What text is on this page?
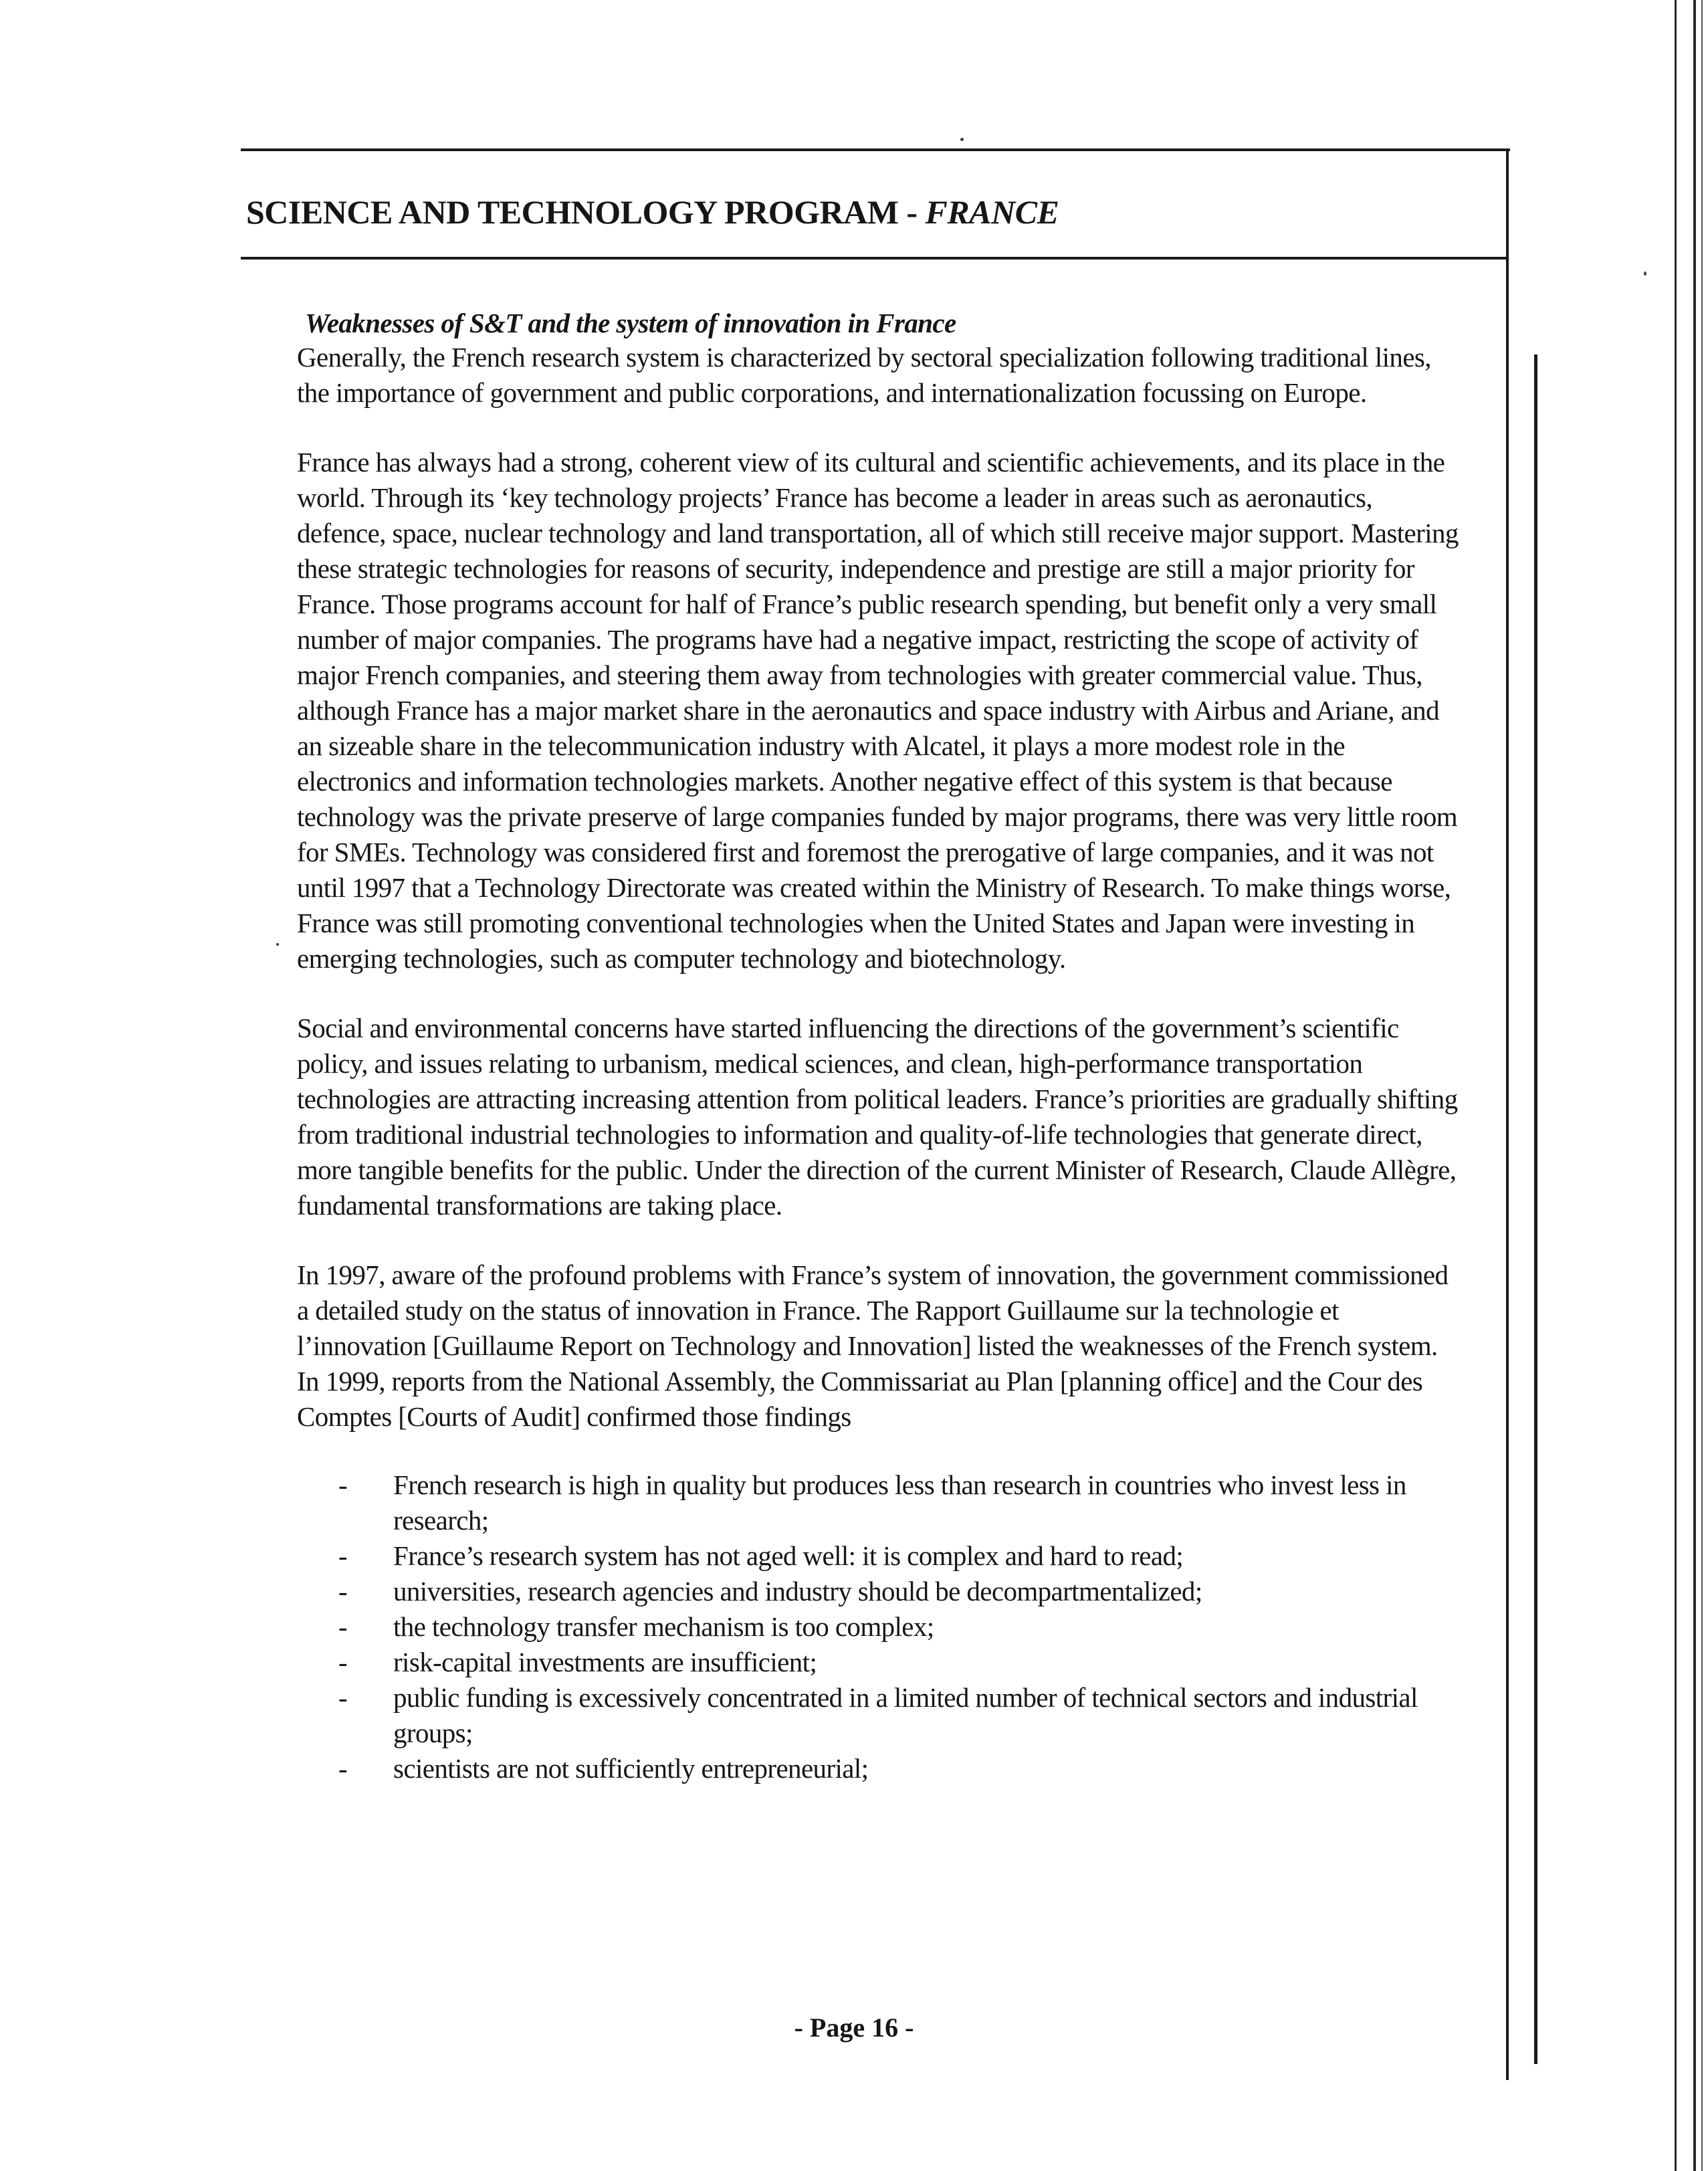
SCIENCE AND TECHNOLOGY PROGRAM - FRANCE
Weaknesses of S&T and the system of innovation in France

Generally, the French research system is characterized by sectoral specialization following traditional lines, the importance of government and public corporations, and internationalization focussing on Europe.

France has always had a strong, coherent view of its cultural and scientific achievements, and its place in the world. Through its ‘key technology projects’ France has become a leader in areas such as aeronautics, defence, space, nuclear technology and land transportation, all of which still receive major support. Mastering these strategic technologies for reasons of security, independence and prestige are still a major priority for France. Those programs account for half of France’s public research spending, but benefit only a very small number of major companies. The programs have had a negative impact, restricting the scope of activity of major French companies, and steering them away from technologies with greater commercial value. Thus, although France has a major market share in the aeronautics and space industry with Airbus and Ariane, and an sizeable share in the telecommunication industry with Alcatel, it plays a more modest role in the electronics and information technologies markets. Another negative effect of this system is that because technology was the private preserve of large companies funded by major programs, there was very little room for SMEs. Technology was considered first and foremost the prerogative of large companies, and it was not until 1997 that a Technology Directorate was created within the Ministry of Research. To make things worse, France was still promoting conventional technologies when the United States and Japan were investing in emerging technologies, such as computer technology and biotechnology.

Social and environmental concerns have started influencing the directions of the government’s scientific policy, and issues relating to urbanism, medical sciences, and clean, high-performance transportation technologies are attracting increasing attention from political leaders. France’s priorities are gradually shifting from traditional industrial technologies to information and quality-of-life technologies that generate direct, more tangible benefits for the public. Under the direction of the current Minister of Research, Claude Allègre, fundamental transformations are taking place.

In 1997, aware of the profound problems with France’s system of innovation, the government commissioned a detailed study on the status of innovation in France. The Rapport Guillaume sur la technologie et l’innovation [Guillaume Report on Technology and Innovation] listed the weaknesses of the French system. In 1999, reports from the National Assembly, the Commissariat au Plan [planning office] and the Cour des Comptes [Courts of Audit] confirmed those findings

- French research is high in quality but produces less than research in countries who invest less in research;
- France’s research system has not aged well: it is complex and hard to read;
- universities, research agencies and industry should be decompartmentalized;
- the technology transfer mechanism is too complex;
- risk-capital investments are insufficient;
- public funding is excessively concentrated in a limited number of technical sectors and industrial groups;
- scientists are not sufficiently entrepreneurial;
- Page 16 -
